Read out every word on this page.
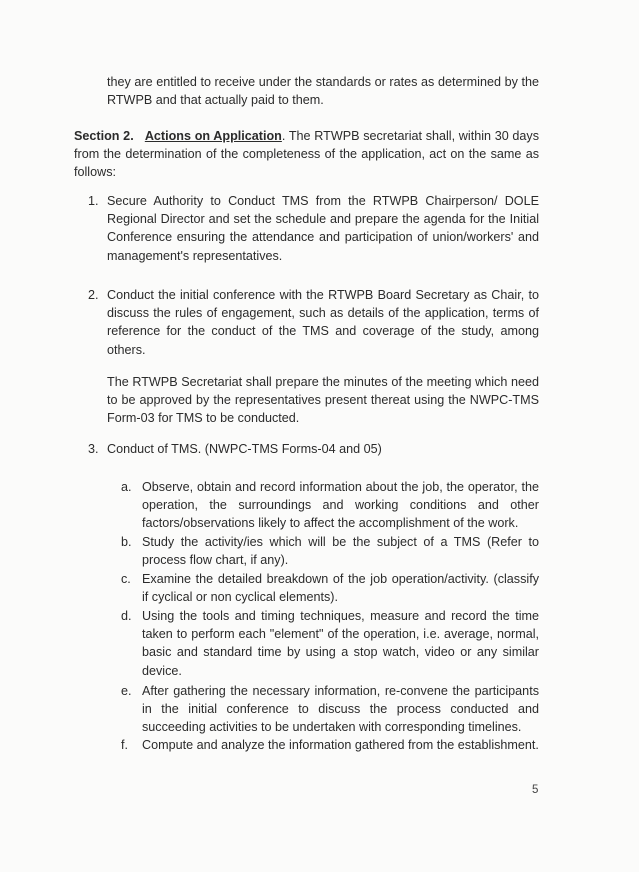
they are entitled to receive under the standards or rates as determined by the RTWPB and that actually paid to them.

Section 2. Actions on Application. The RTWPB secretariat shall, within 30 days from the determination of the completeness of the application, act on the same as follows:

1. Secure Authority to Conduct TMS from the RTWPB Chairperson/ DOLE Regional Director and set the schedule and prepare the agenda for the Initial Conference ensuring the attendance and participation of union/workers' and management's representatives.

2. Conduct the initial conference with the RTWPB Board Secretary as Chair, to discuss the rules of engagement, such as details of the application, terms of reference for the conduct of the TMS and coverage of the study, among others.

The RTWPB Secretariat shall prepare the minutes of the meeting which need to be approved by the representatives present thereat using the NWPC-TMS Form-03 for TMS to be conducted.

3. Conduct of TMS. (NWPC-TMS Forms-04 and 05)

a. Observe, obtain and record information about the job, the operator, the operation, the surroundings and working conditions and other factors/observations likely to affect the accomplishment of the work.

b. Study the activity/ies which will be the subject of a TMS (Refer to process flow chart, if any).

c. Examine the detailed breakdown of the job operation/activity. (classify if cyclical or non cyclical elements).

d. Using the tools and timing techniques, measure and record the time taken to perform each "element" of the operation, i.e. average, normal, basic and standard time by using a stop watch, video or any similar device.

e. After gathering the necessary information, re-convene the participants in the initial conference to discuss the process conducted and succeeding activities to be undertaken with corresponding timelines.

f. Compute and analyze the information gathered from the establishment.

5
